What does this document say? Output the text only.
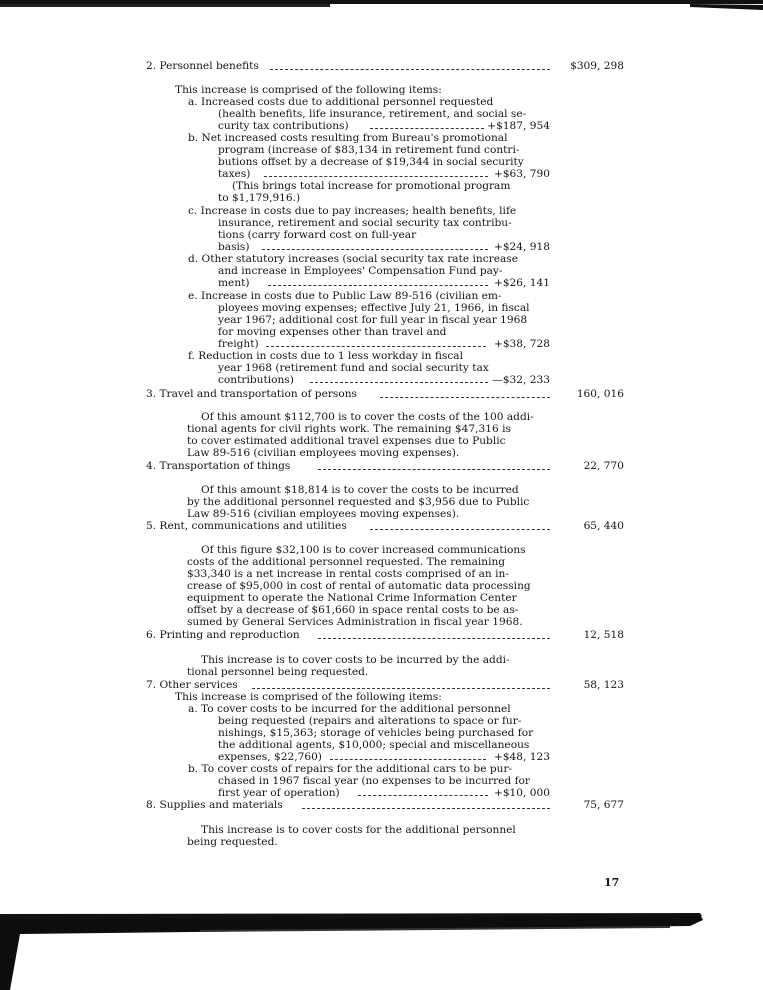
2. Personnel benefits	$309, 298
This increase is comprised of the following items:
a. Increased costs due to additional personnel requested
(health benefits, life insurance, retirement, and social se-
curity tax contributions)	+$187, 954
b. Net increased costs resulting from Bureau's promotional
program (increase of $83,134 in retirement fund contri-
butions offset by a decrease of $19,344 in social security
taxes)	+$63, 790
(This brings total increase for promotional program
to $1,179,916.)
c. Increase in costs due to pay increases; health benefits, life
insurance, retirement and social security tax contribu-
tions (carry forward cost on full-year
basis)	+$24, 918
d. Other statutory increases (social security tax rate increase
and increase in Employees' Compensation Fund pay-
ment)	+$26, 141
e. Increase in costs due to Public Law 89-516 (civilian em-
ployees moving expenses; effective July 21, 1966, in fiscal
year 1967; additional cost for full year in fiscal year 1968
for moving expenses other than travel and
freight)	+$38, 728
f. Reduction in costs due to 1 less workday in fiscal
year 1968 (retirement fund and social security tax
contributions)	—$32, 233
3. Travel and transportation of persons	160, 016
Of this amount $112,700 is to cover the costs of the 100 addi-
tional agents for civil rights work. The remaining $47,316 is
to cover estimated additional travel expenses due to Public
Law 89-516 (civilian employees moving expenses).
4. Transportation of things	22, 770
Of this amount $18,814 is to cover the costs to be incurred
by the additional personnel requested and $3,956 due to Public
Law 89-516 (civilian employees moving expenses).
5. Rent, communications and utilities	65, 440
Of this figure $32,100 is to cover increased communications
costs of the additional personnel requested. The remaining
$33,340 is a net increase in rental costs comprised of an in-
crease of $95,000 in cost of rental of automatic data processing
equipment to operate the National Crime Information Center
offset by a decrease of $61,660 in space rental costs to be as-
sumed by General Services Administration in fiscal year 1968.
6. Printing and reproduction	12, 518
This increase is to cover costs to be incurred by the addi-
tional personnel being requested.
7. Other services	58, 123
This increase is comprised of the following items:
a. To cover costs to be incurred for the additional personnel
being requested (repairs and alterations to space or fur-
nishings, $15,363; storage of vehicles being purchased for
the additional agents, $10,000; special and miscellaneous
expenses, $22,760)	+$48, 123
b. To cover costs of repairs for the additional cars to be pur-
chased in 1967 fiscal year (no expenses to be incurred for
first year of operation)	+$10, 000
8. Supplies and materials	75, 677
This increase is to cover costs for the additional personnel
being requested.
17
